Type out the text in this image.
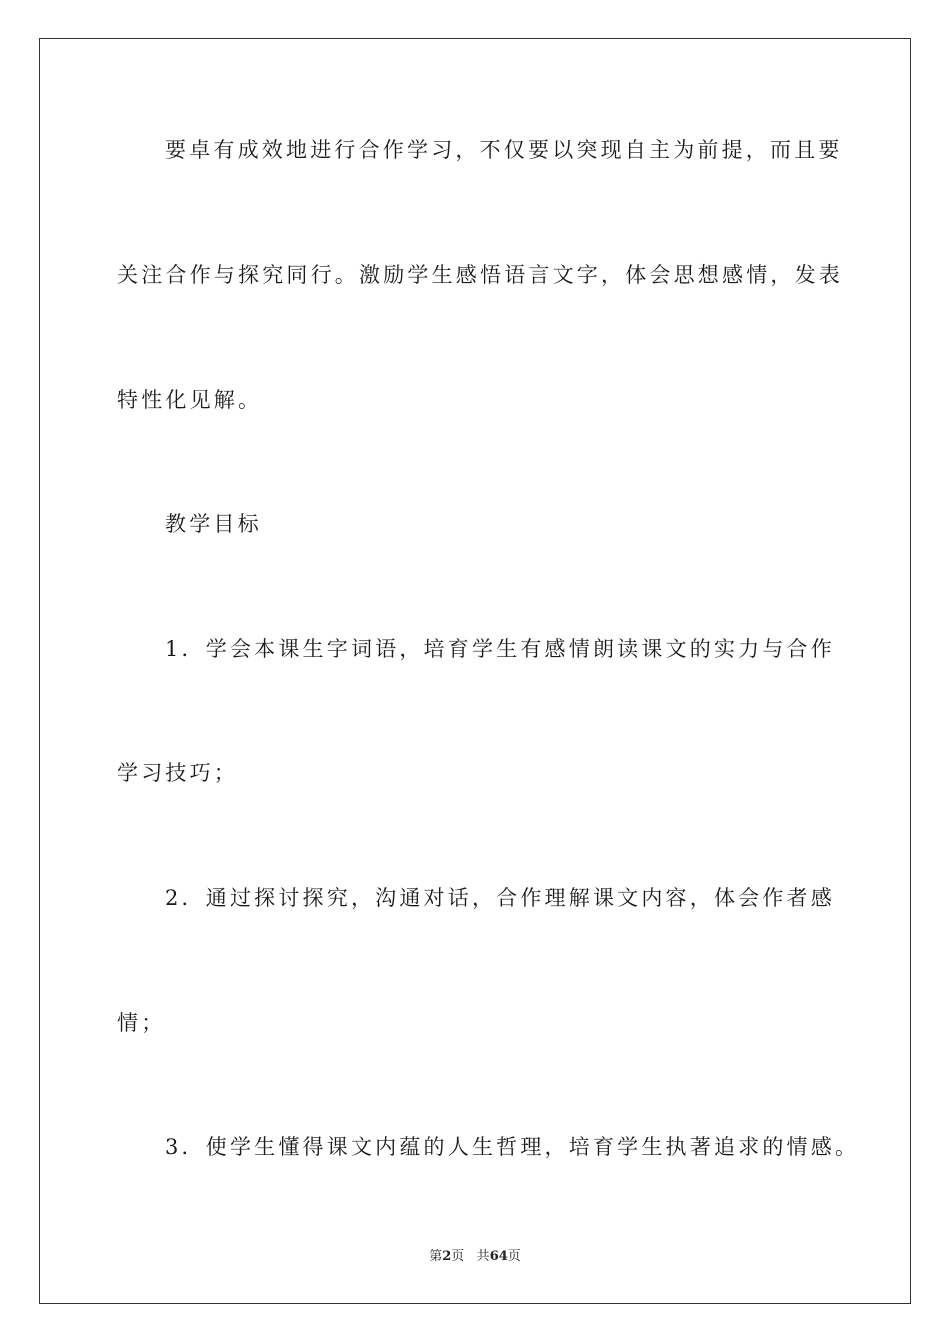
要卓有成效地进行合作学习，不仅要以突现自主为前提，而且要
关注合作与探究同行。激励学生感悟语言文字，体会思想感情，发表
特性化见解。
教学目标
1．学会本课生字词语，培育学生有感情朗读课文的实力与合作
学习技巧；
2．通过探讨探究，沟通对话，合作理解课文内容，体会作者感
情；
3．使学生懂得课文内蕴的人生哲理，培育学生执著追求的情感。
第2页 共64页
